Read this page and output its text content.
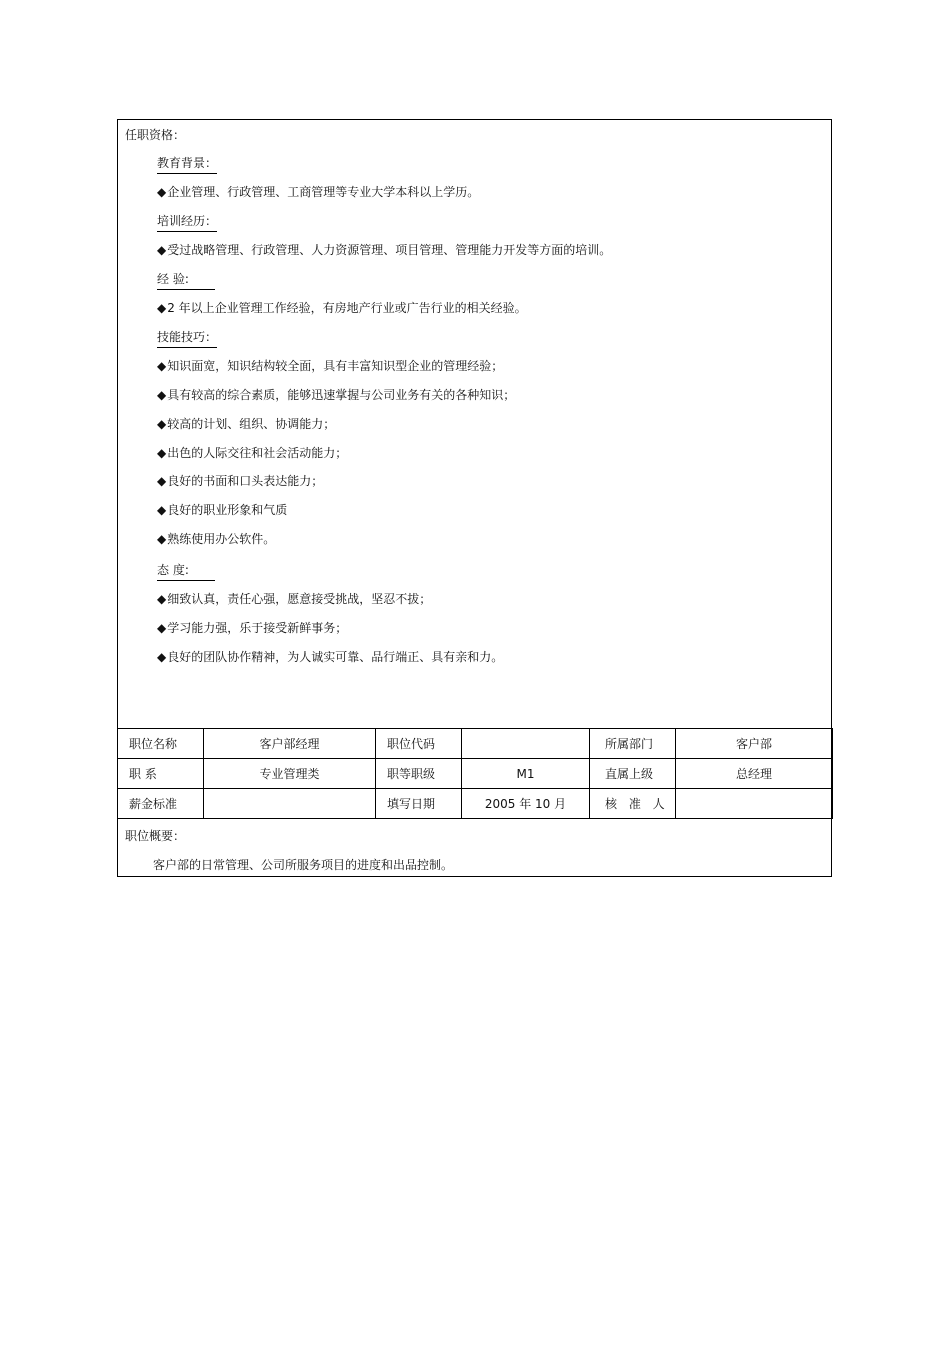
任职资格：
教育背景：
◆企业管理、行政管理、工商管理等专业大学本科以上学历。
培训经历：
◆受过战略管理、行政管理、人力资源管理、项目管理、管理能力开发等方面的培训。
经 验:
◆2 年以上企业管理工作经验，有房地产行业或广告行业的相关经验。
技能技巧：
◆知识面宽，知识结构较全面，具有丰富知识型企业的管理经验；
◆具有较高的综合素质，能够迅速掌握与公司业务有关的各种知识；
◆较高的计划、组织、协调能力；
◆出色的人际交往和社会活动能力；
◆良好的书面和口头表达能力；
◆良好的职业形象和气质
◆熟练使用办公软件。
态 度:
◆细致认真，责任心强，愿意接受挑战，坚忍不拔；
◆学习能力强，乐于接受新鲜事务；
◆良好的团队协作精神，为人诚实可靠、品行端正、具有亲和力。
职位名称	客户部经理	职位代码		所属部门	客户部
职 系	专业管理类	职等职级	M1	直属上级	总经理
薪金标准		填写日期	2005 年 10 月	核 准 人	
职位概要：
客户部的日常管理、公司所服务项目的进度和出品控制。
